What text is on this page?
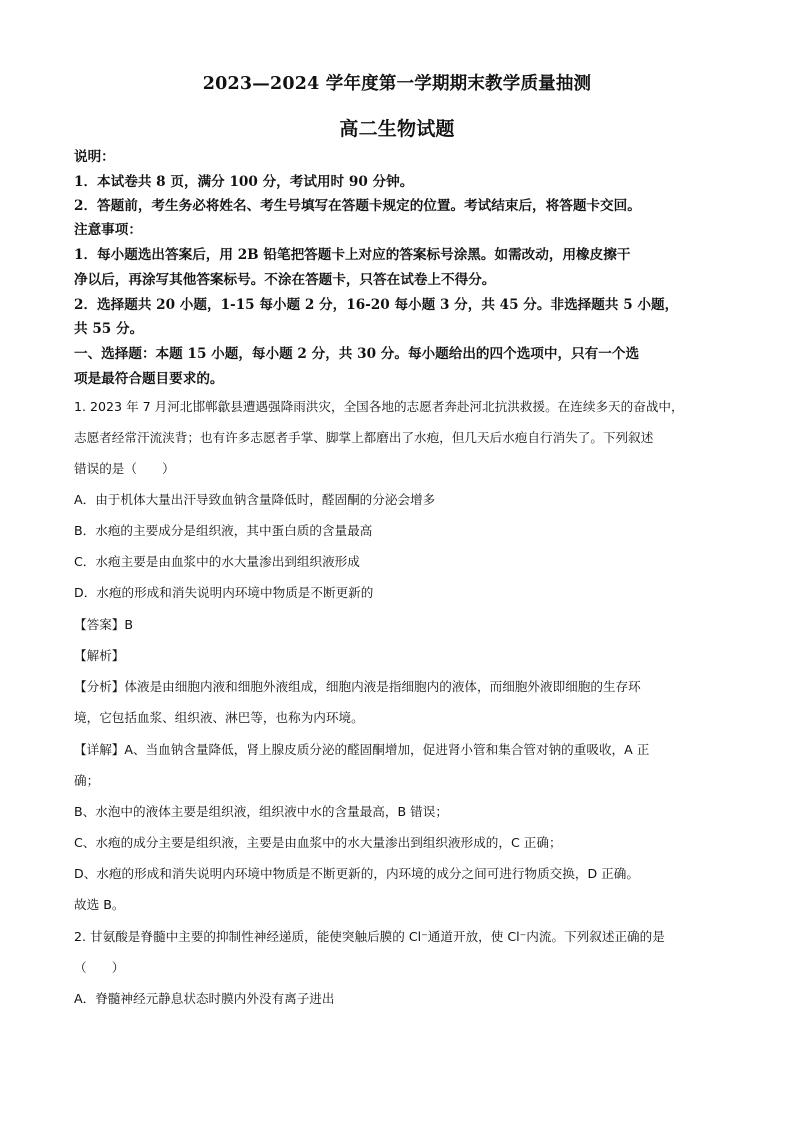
2023—2024 学年度第一学期期末教学质量抽测
高二生物试题
说明：
1．本试卷共 8 页，满分 100 分，考试用时 90 分钟。
2．答题前，考生务必将姓名、考生号填写在答题卡规定的位置。考试结束后，将答题卡交回。
注意事项：
1．每小题选出答案后，用 2B 铅笔把答题卡上对应的答案标号涂黑。如需改动，用橡皮擦干
净以后，再涂写其他答案标号。不涂在答题卡，只答在试卷上不得分。
2．选择题共 20 小题，1-15 每小题 2 分，16-20 每小题 3 分，共 45 分。非选择题共 5 小题，
共 55 分。
一、选择题：本题 15 小题，每小题 2 分，共 30 分。每小题给出的四个选项中，只有一个选
项是最符合题目要求的。
1. 2023 年 7 月河北邯郸歙县遭遇强降雨洪灾，全国各地的志愿者奔赴河北抗洪救援。在连续多天的奋战中，
志愿者经常汗流浃背；也有许多志愿者手掌、脚掌上都磨出了水疱，但几天后水疱自行消失了。下列叙述
错误的是（　　）
A．由于机体大量出汗导致血钠含量降低时，醛固酮的分泌会增多
B．水疱的主要成分是组织液，其中蛋白质的含量最高
C．水疱主要是由血浆中的水大量渗出到组织液形成
D．水疱的形成和消失说明内环境中物质是不断更新的
【答案】B
【解析】
【分析】体液是由细胞内液和细胞外液组成，细胞内液是指细胞内的液体，而细胞外液即细胞的生存环
境，它包括血浆、组织液、淋巴等，也称为内环境。
【详解】A、当血钠含量降低，肾上腺皮质分泌的醛固酮增加，促进肾小管和集合管对钠的重吸收，A 正
确；
B、水泡中的液体主要是组织液，组织液中水的含量最高，B 错误；
C、水疱的成分主要是组织液，主要是由血浆中的水大量渗出到组织液形成的，C 正确；
D、水疱的形成和消失说明内环境中物质是不断更新的，内环境的成分之间可进行物质交换，D 正确。
故选 B。
2. 甘氨酸是脊髓中主要的抑制性神经递质，能使突触后膜的 Cl⁻通道开放，使 Cl⁻内流。下列叙述正确的是
（　　）
A．脊髓神经元静息状态时膜内外没有离子进出
